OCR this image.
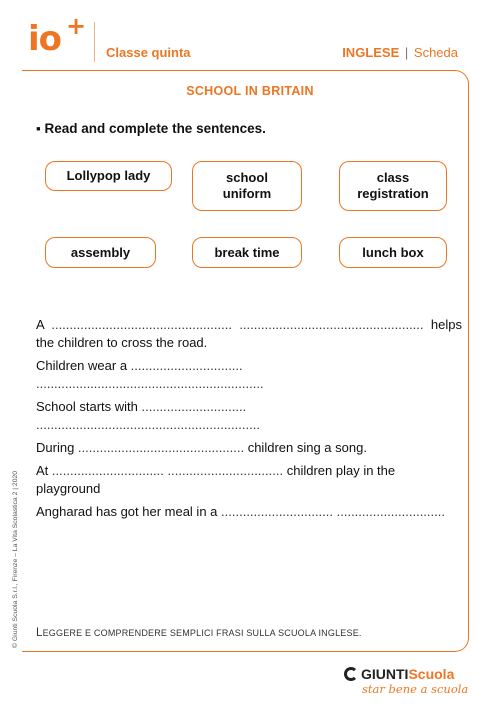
io +
Classe quinta	INGLESE | Scheda
SCHOOL IN BRITAIN
▪ Read and complete the sentences.
Lollypop lady	school
uniform
class
registration
assembly	break time	lunch box

A .................................................. ................................................... helps the children to cross the road.

Children wear a ............................... ...............................................................

School starts with ............................. ..............................................................

During .............................................. children sing a song.

At ............................... ................................ children play in the playground

Angharad has got her meal in a ............................... ..............................

LEGGERE E COMPRENDERE SEMPLICI FRASI SULLA SCUOLA INGLESE.
© Giunti Scuola S.r.l., Firenze – La Vita Scolastica 2 | 2020
GIUNTIScuola
star bene a scuola
